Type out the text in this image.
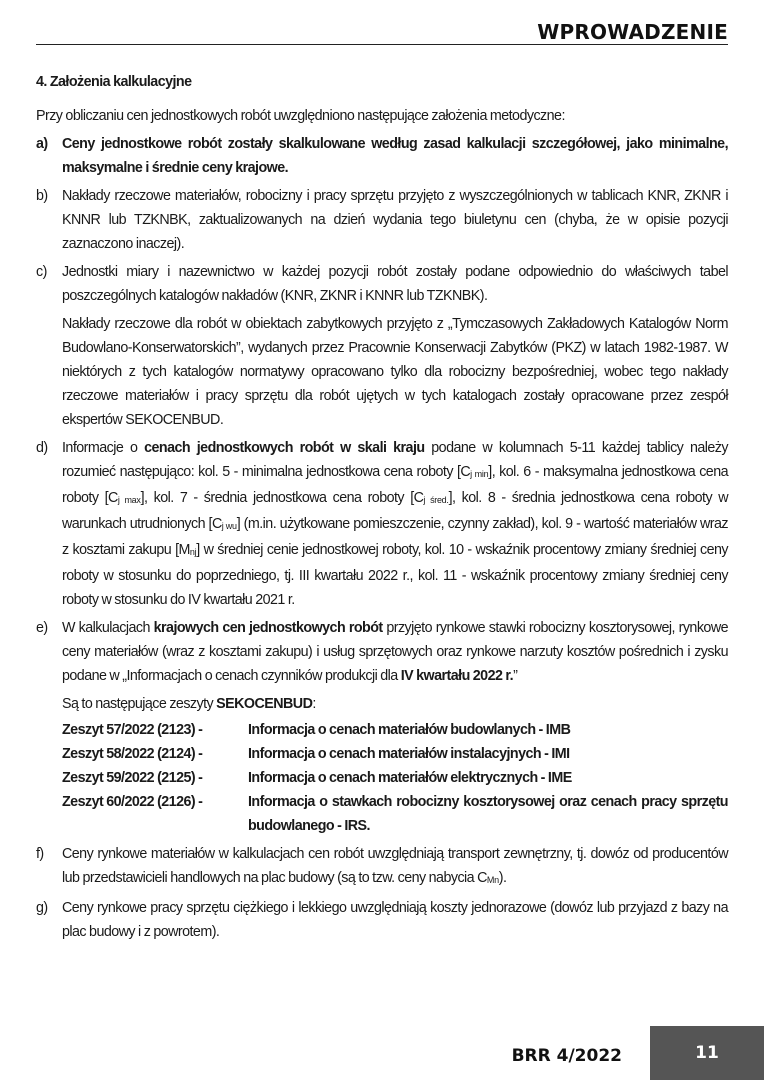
WPROWADZENIE
4. Założenia kalkulacyjne
Przy obliczaniu cen jednostkowych robót uwzględniono następujące założenia metodyczne:
a)	Ceny jednostkowe robót zostały skalkulowane według zasad kalkulacji szczegółowej, jako minimalne, maksymalne i średnie ceny krajowe.
b)	Nakłady rzeczowe materiałów, robocizny i pracy sprzętu przyjęto z wyszczególnionych w tablicach KNR, ZKNR i KNNR lub TZKNBK, zaktualizowanych na dzień wydania tego biuletynu cen (chyba, że w opisie pozycji zaznaczono inaczej).
c)	Jednostki miary i nazewnictwo w każdej pozycji robót zostały podane odpowiednio do właściwych tabel poszczególnych katalogów nakładów (KNR, ZKNR i KNNR lub TZKNBK).
Nakłady rzeczowe dla robót w obiektach zabytkowych przyjęto z „Tymczasowych Zakładowych Katalogów Norm Budowlano-Konserwatorskich”, wydanych przez Pracownie Konserwacji Zabytków (PKZ) w latach 1982-1987. W niektórych z tych katalogów normatywy opracowano tylko dla robocizny bezpośredniej, wobec tego nakłady rzeczowe materiałów i pracy sprzętu dla robót ujętych w tych katalogach zostały opracowane przez zespół ekspertów SEKOCENBUD.
d)	Informacje o cenach jednostkowych robót w skali kraju podane w kolumnach 5-11 każdej tablicy należy rozumieć następująco: kol. 5 - minimalna jednostkowa cena roboty [Cj min], kol. 6 - maksymalna jednostkowa cena roboty [Cj max], kol. 7 - średnia jednostkowa cena roboty [Cj śred.], kol. 8 - średnia jednostkowa cena roboty w warunkach utrudnionych [Cj wu] (m.in. użytkowane pomieszczenie, czynny zakład), kol. 9 - wartość materiałów wraz z kosztami zakupu [Mnj] w średniej cenie jednostkowej roboty, kol. 10 - wskaźnik procentowy zmiany średniej ceny roboty w stosunku do poprzedniego, tj. III kwartału 2022 r., kol. 11 - wskaźnik procentowy zmiany średniej ceny roboty w stosunku do IV kwartału 2021 r.
e)	W kalkulacjach krajowych cen jednostkowych robót przyjęto rynkowe stawki robocizny kosztorysowej, rynkowe ceny materiałów (wraz z kosztami zakupu) i usług sprzętowych oraz rynkowe narzuty kosztów pośrednich i zysku podane w „Informacjach o cenach czynników produkcji dla IV kwartału 2022 r.”
Są to następujące zeszyty SEKOCENBUD:
Zeszyt 57/2022 (2123) -	Informacja o cenach materiałów budowlanych - IMB
Zeszyt 58/2022 (2124) -	Informacja o cenach materiałów instalacyjnych - IMI
Zeszyt 59/2022 (2125) -	Informacja o cenach materiałów elektrycznych - IME
Zeszyt 60/2022 (2126) -	Informacja o stawkach robocizny kosztorysowej oraz cenach pracy sprzętu budowlanego - IRS.
f)	Ceny rynkowe materiałów w kalkulacjach cen robót uwzględniają transport zewnętrzny, tj. dowóz od producentów lub przedstawicieli handlowych na plac budowy (są to tzw. ceny nabycia CMn).
g)	Ceny rynkowe pracy sprzętu ciężkiego i lekkiego uwzględniają koszty jednorazowe (dowóz lub przyjazd z bazy na plac budowy i z powrotem).
BRR 4/2022	11
